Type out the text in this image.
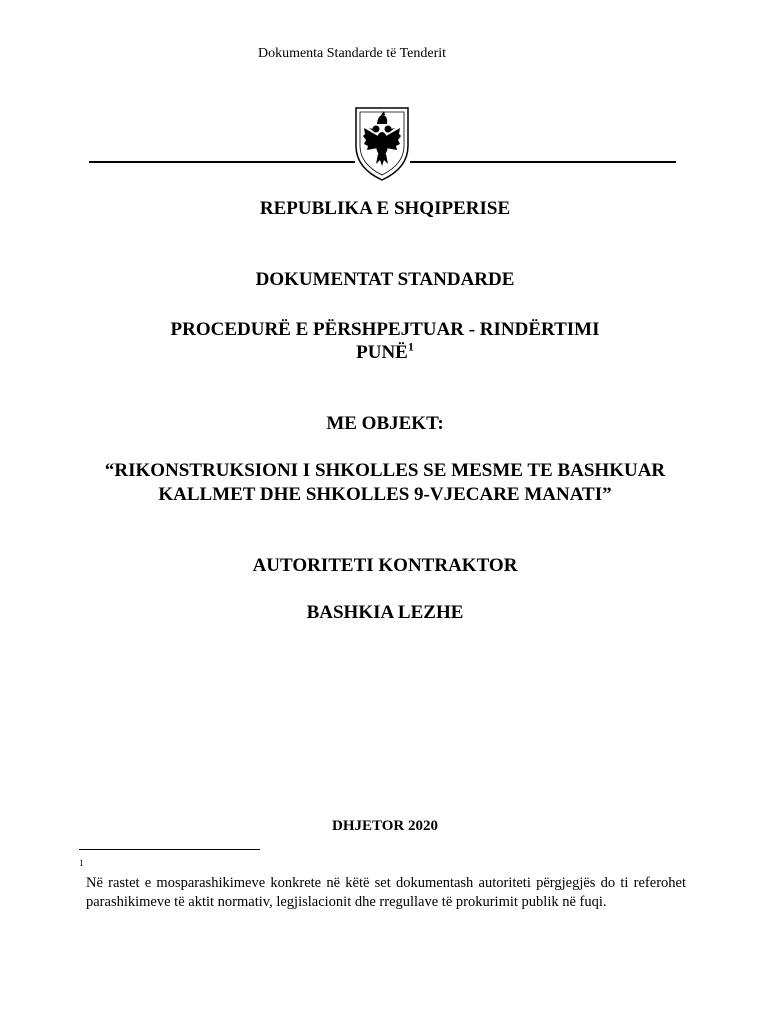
Dokumenta Standarde të Tenderit
REPUBLIKA E SHQIPERISE
DOKUMENTAT STANDARDE
PROCEDURË E PËRSHPEJTUAR - RINDËRTIMI
PUNË$^1$
ME OBJEKT:
“RIKONSTRUKSIONI I SHKOLLES SE MESME TE BASHKUAR
KALLMET DHE SHKOLLES 9-VJECARE MANATI”
AUTORITETI KONTRAKTOR
BASHKIA LEZHE
DHJETOR 2020
1
Në rastet e mosparashikimeve konkrete në këtë set dokumentash autoriteti përgjegjës do ti referohet parashikimeve të aktit normativ, legjislacionit dhe rregullave të prokurimit publik në fuqi.
